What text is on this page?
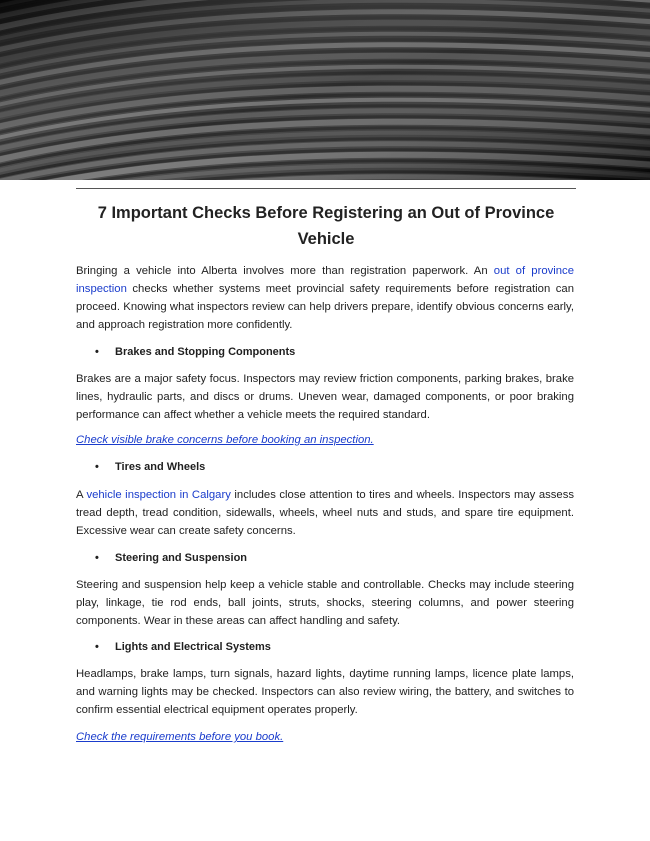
7 Important Checks Before Registering an Out of Province Vehicle

Bringing a vehicle into Alberta involves more than registration paperwork. An out of province inspection checks whether systems meet provincial safety requirements before registration can proceed. Knowing what inspectors review can help drivers prepare, identify obvious concerns early, and approach registration more confidently.

• Brakes and Stopping Components

Brakes are a major safety focus. Inspectors may review friction components, parking brakes, brake lines, hydraulic parts, and discs or drums. Uneven wear, damaged components, or poor braking performance can affect whether a vehicle meets the required standard.

Check visible brake concerns before booking an inspection.

• Tires and Wheels

A vehicle inspection in Calgary includes close attention to tires and wheels. Inspectors may assess tread depth, tread condition, sidewalls, wheels, wheel nuts and studs, and spare tire equipment. Excessive wear can create safety concerns.

• Steering and Suspension

Steering and suspension help keep a vehicle stable and controllable. Checks may include steering play, linkage, tie rod ends, ball joints, struts, shocks, steering columns, and power steering components. Wear in these areas can affect handling and safety.

• Lights and Electrical Systems

Headlamps, brake lamps, turn signals, hazard lights, daytime running lamps, licence plate lamps, and warning lights may be checked. Inspectors can also review wiring, the battery, and switches to confirm essential electrical equipment operates properly.

Check the requirements before you book.
